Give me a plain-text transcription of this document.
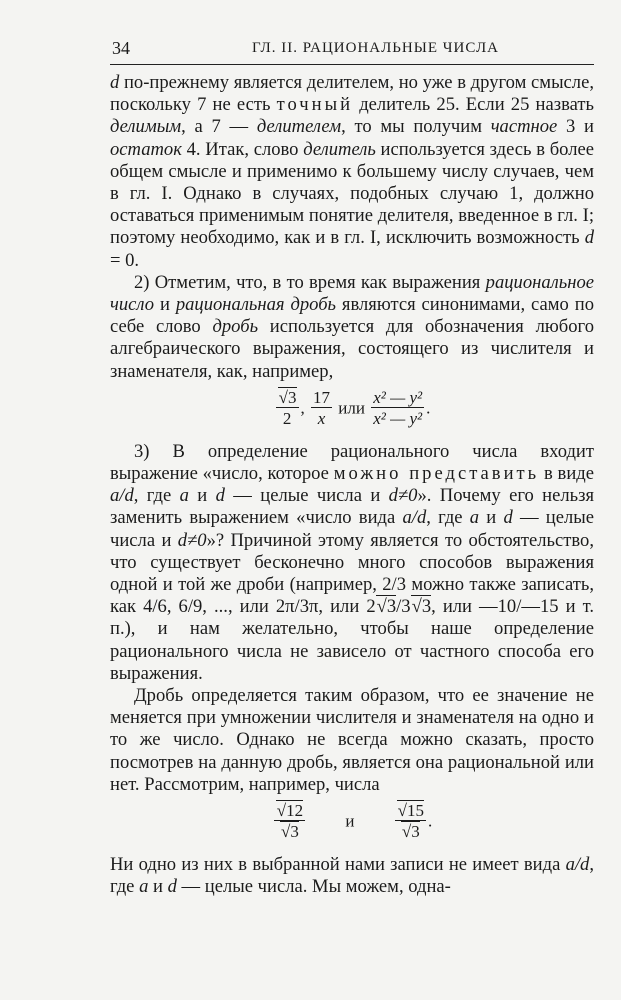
34	ГЛ. II. РАЦИОНАЛЬНЫЕ ЧИСЛА

d по-прежнему является делителем, но уже в другом смысле, поскольку 7 не есть точный делитель 25. Если 25 назвать делимым, а 7 — делителем, то мы получим частное 3 и остаток 4. Итак, слово делитель используется здесь в более общем смысле и применимо к большему числу случаев, чем в гл. I. Однако в случаях, подобных случаю 1, должно оставаться применимым понятие делителя, введенное в гл. I; поэтому необходимо, как и в гл. I, исключить возможность d = 0.

2) Отметим, что, в то время как выражения рациональное число и рациональная дробь являются синонимами, само по себе слово дробь используется для обозначения любого алгебраического выражения, состоящего из числителя и знаменателя, как, например,

√ $\frac{3}{2}$ , $\frac{17}{x}$ или $\frac{\text{x² — y²}}{\text{x² — y²}}$ .

3) В определение рационального числа входит выражение «число, которое можно представить в виде a/d, где a и d — целые числа и d≠0». Почему его нельзя заменить выражением «число вида a/d, где a и d — целые числа и d≠0»? Причиной этому является то обстоятельство, что существует бесконечно много способов выражения одной и той же дроби (например, 2/3 можно также записать, как 4/6, 6/9, ..., или 2π/3π, или 2 √ 3/3 √ 3, или —10/—15 и т. п.), и нам желательно, чтобы наше определение рационального числа не зависело от частного способа его выражения.

Дробь определяется таким образом, что ее значение не меняется при умножении числителя и знаменателя на одно и то же число. Однако не всегда можно сказать, просто посмотрев на данную дробь, является она рациональной или нет. Рассмотрим, например, числа

√ 12
√ 3 и √ 15
√ 3 .

Ни одно из них в выбранной нами записи не имеет вида a/d, где a и d — целые числа. Мы можем, одна-
